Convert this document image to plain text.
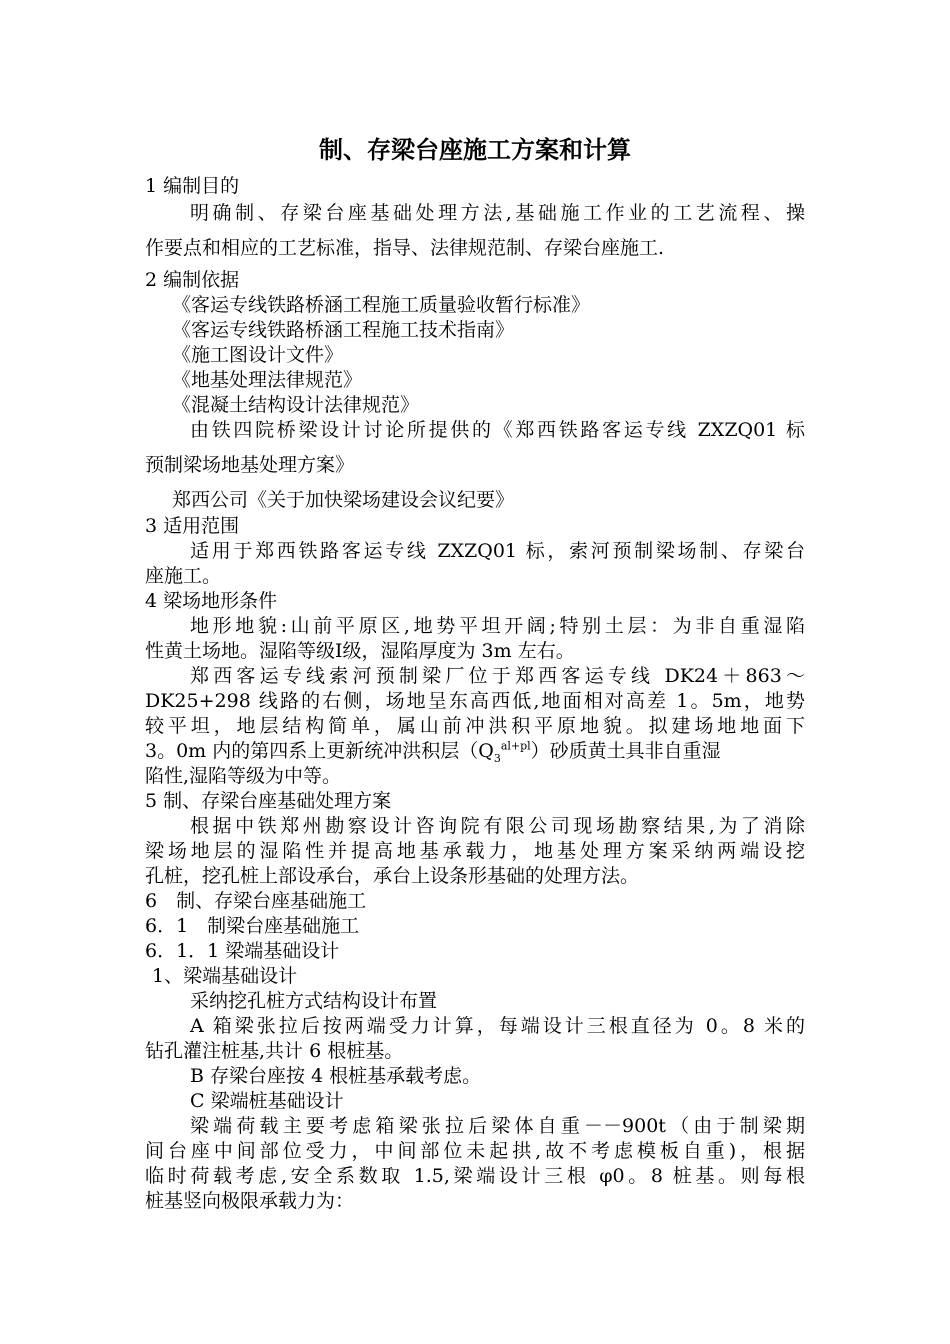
制、存梁台座施工方案和计算

1 编制目的

明确制、存梁台座基础处理方法,基础施工作业的工艺流程、操

作要点和相应的工艺标准，指导、法律规范制、存梁台座施工.

2 编制依据

《客运专线铁路桥涵工程施工质量验收暂行标准》

《客运专线铁路桥涵工程施工技术指南》

《施工图设计文件》

《地基处理法律规范》

《混凝土结构设计法律规范》

由铁四院桥梁设计讨论所提供的《郑西铁路客运专线 ZXZQ01 标

预制梁场地基处理方案》

郑西公司《关于加快梁场建设会议纪要》

3 适用范围

适用于郑西铁路客运专线 ZXZQ01 标，索河预制梁场制、存梁台

座施工。

4 梁场地形条件

地形地貌:山前平原区,地势平坦开阔;特别土层：为非自重湿陷

性黄土场地。湿陷等级Ⅰ级，湿陷厚度为 3m 左右。

郑西客运专线索河预制梁厂位于郑西客运专线 DK24＋863～

DK25+298 线路的右侧，场地呈东高西低,地面相对高差 1。5m，地势

较平坦，地层结构简单，属山前冲洪积平原地貌。拟建场地地面下

3。0m 内的第四系上更新统冲洪积层$(Q_3^{al+pl})$砂质黄土具非自重湿

陷性,湿陷等级为中等。

5 制、存梁台座基础处理方案

根据中铁郑州勘察设计咨询院有限公司现场勘察结果,为了消除

梁场地层的湿陷性并提高地基承载力，地基处理方案采纳两端设挖

孔桩，挖孔桩上部设承台，承台上设条形基础的处理方法。

6　制、存梁台座基础施工

6．1　制梁台座基础施工

6．1．1 梁端基础设计

1、梁端基础设计

采纳挖孔桩方式结构设计布置

A 箱梁张拉后按两端受力计算，每端设计三根直径为 0。8 米的

钻孔灌注桩基,共计 6 根桩基。

B 存梁台座按 4 根桩基承载考虑。

C 梁端桩基础设计

梁端荷载主要考虑箱梁张拉后梁体自重－－900t（由于制梁期

间台座中间部位受力，中间部位未起拱,故不考虑模板自重)，根据

临时荷载考虑,安全系数取 1.5,梁端设计三根 φ0。8 桩基。则每根

桩基竖向极限承载力为：
